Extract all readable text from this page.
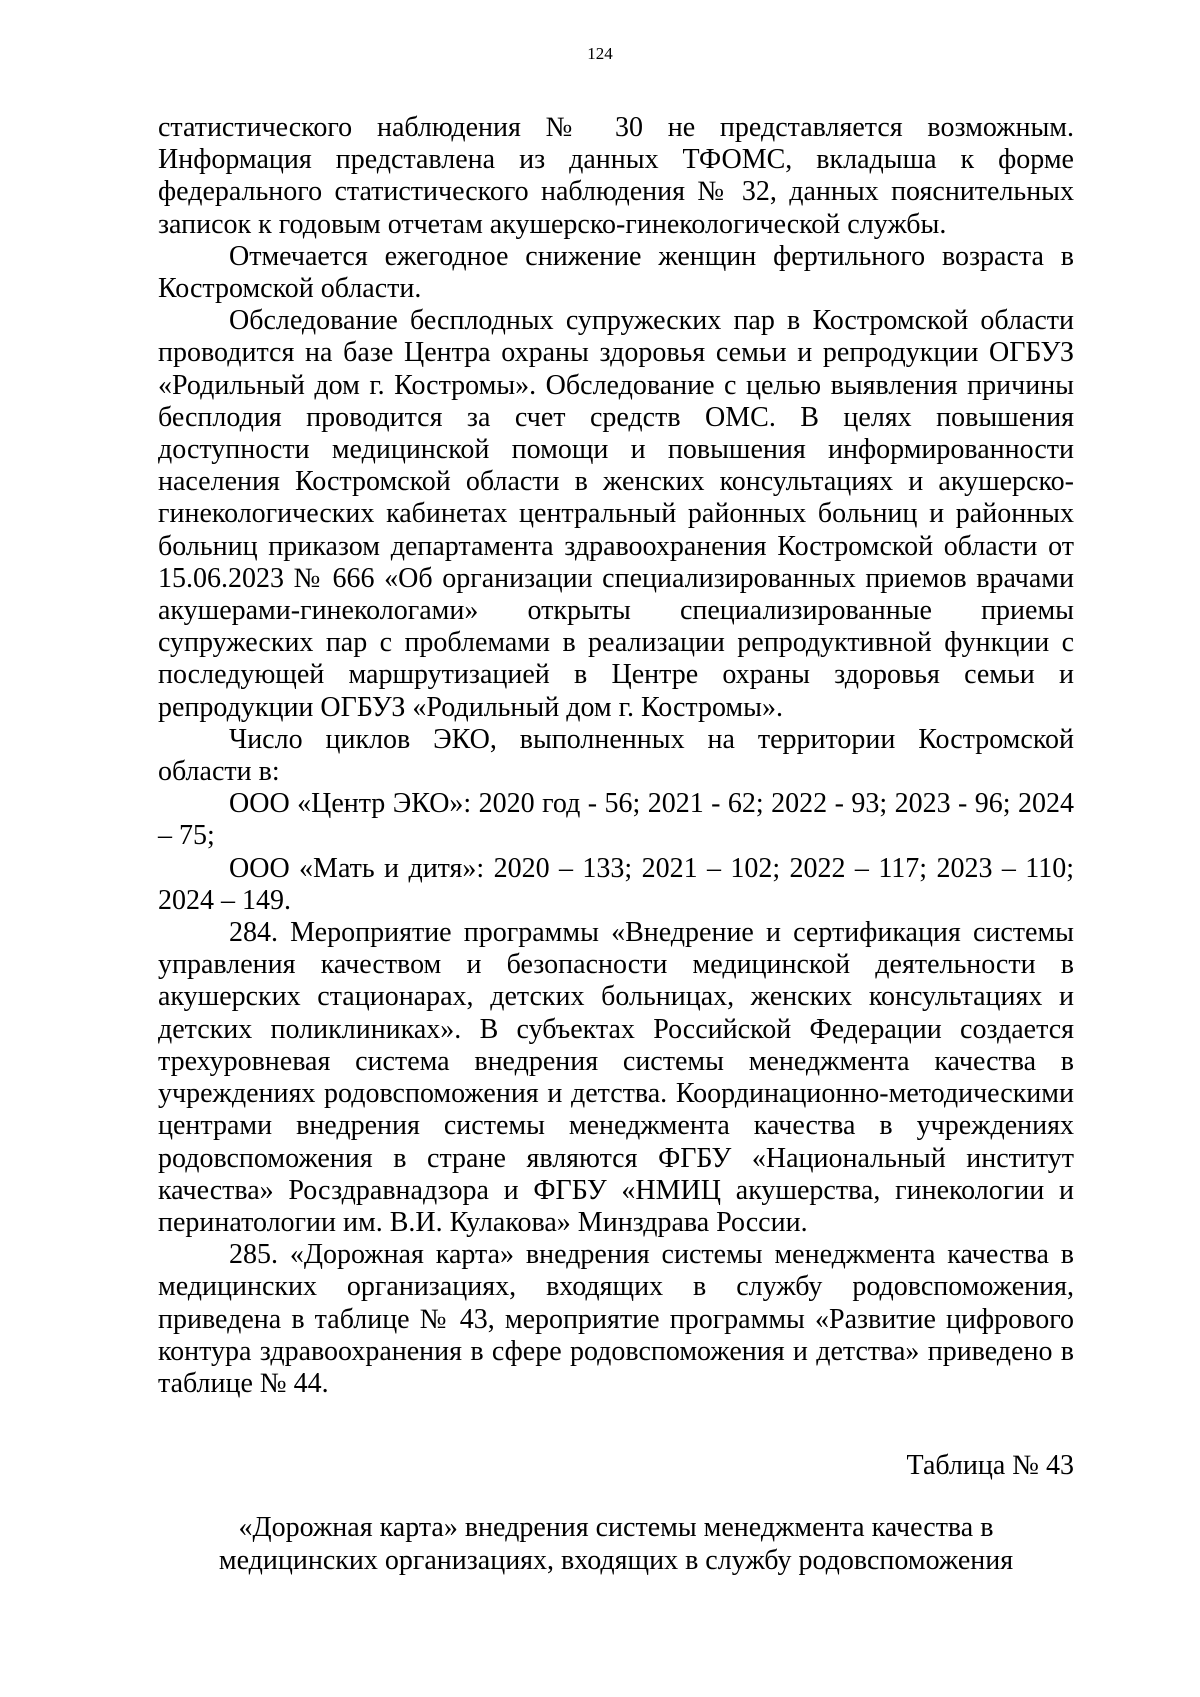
124

статистического наблюдения № 30 не представляется возможным. Информация представлена из данных ТФОМС, вкладыша к форме федерального статистического наблюдения № 32, данных пояснительных записок к годовым отчетам акушерско-гинекологической службы.

Отмечается ежегодное снижение женщин фертильного возраста в Костромской области.

Обследование бесплодных супружеских пар в Костромской области проводится на базе Центра охраны здоровья семьи и репродукции ОГБУЗ «Родильный дом г. Костромы». Обследование с целью выявления причины бесплодия проводится за счет средств ОМС. В целях повышения доступности медицинской помощи и повышения информированности населения Костромской области в женских консультациях и акушерско-гинекологических кабинетах центральный районных больниц и районных больниц приказом департамента здравоохранения Костромской области от 15.06.2023 № 666 «Об организации специализированных приемов врачами акушерами-гинекологами» открыты специализированные приемы супружеских пар с проблемами в реализации репродуктивной функции с последующей маршрутизацией в Центре охраны здоровья семьи и репродукции ОГБУЗ «Родильный дом г. Костромы».

Число циклов ЭКО, выполненных на территории Костромской области в:

ООО «Центр ЭКО»: 2020 год - 56; 2021 - 62; 2022 - 93; 2023 - 96; 2024 – 75;

ООО «Мать и дитя»: 2020 – 133; 2021 – 102; 2022 – 117; 2023 – 110; 2024 – 149.

284. Мероприятие программы «Внедрение и сертификация системы управления качеством и безопасности медицинской деятельности в акушерских стационарах, детских больницах, женских консультациях и детских поликлиниках». В субъектах Российской Федерации создается трехуровневая система внедрения системы менеджмента качества в учреждениях родовспоможения и детства. Координационно-методическими центрами внедрения системы менеджмента качества в учреждениях родовспоможения в стране являются ФГБУ «Национальный институт качества» Росздравнадзора и ФГБУ «НМИЦ акушерства, гинекологии и перинатологии им. В.И. Кулакова» Минздрава России.

285. «Дорожная карта» внедрения системы менеджмента качества в медицинских организациях, входящих в службу родовспоможения, приведена в таблице № 43, мероприятие программы «Развитие цифрового контура здравоохранения в сфере родовспоможения и детства» приведено в таблице № 44.

Таблица № 43
«Дорожная карта» внедрения системы менеджмента качества в
медицинских организациях, входящих в службу родовспоможения
